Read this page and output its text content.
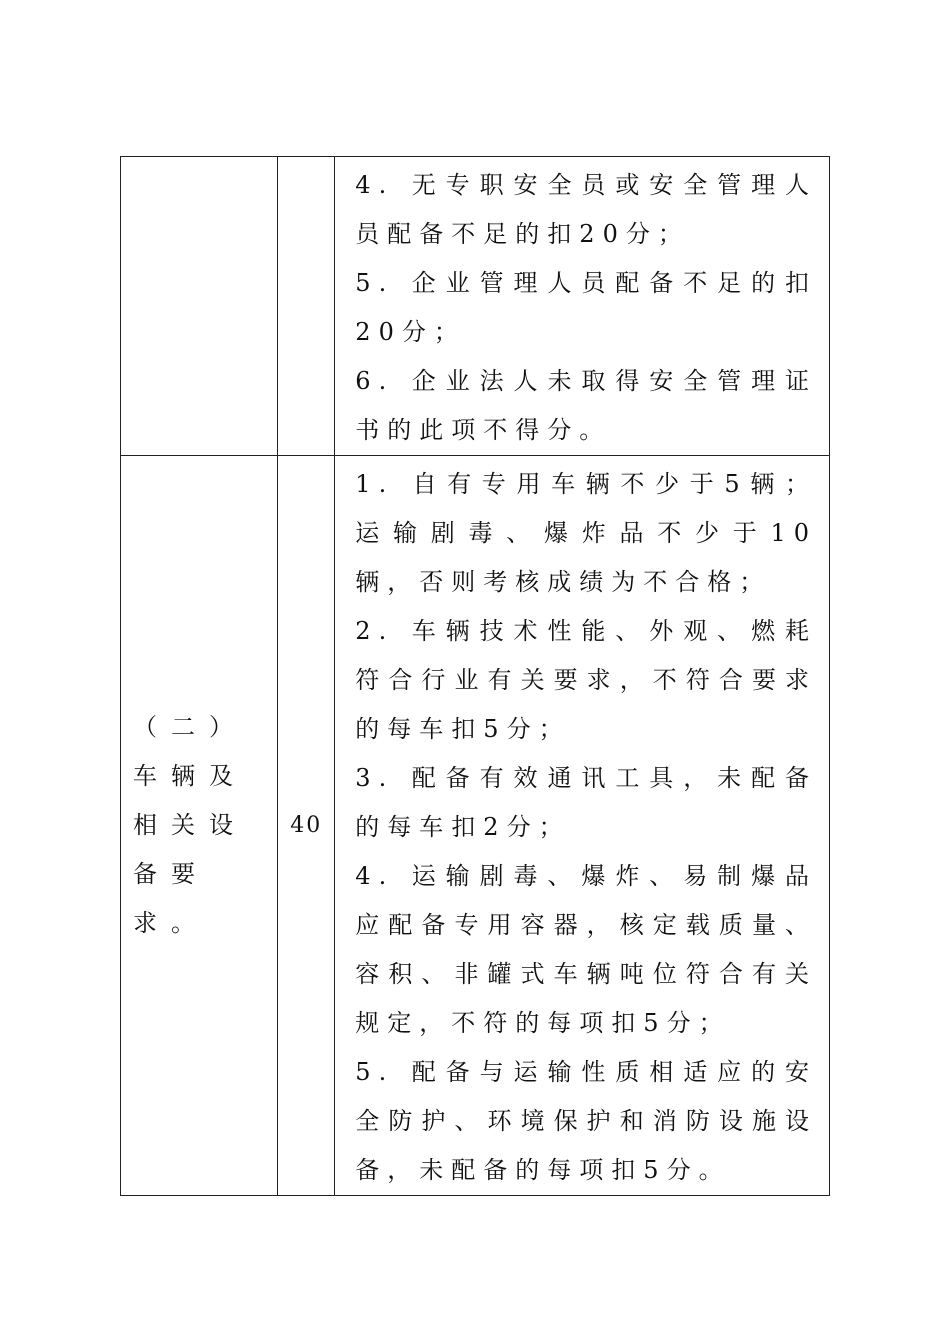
		4. 无专职安全员或安全管理人员配备不足的扣20分；

5. 企业管理人员配备不足的扣20分；

6. 企业法人未取得安全管理证书的此项不得分。

（二）车辆及相关设备要求。	40	1. 自有专用车辆不少于5辆；运输剧毒、爆炸品不少于10辆，否则考核成绩为不合格；

2. 车辆技术性能、外观、燃耗符合行业有关要求，不符合要求的每车扣5分；

3. 配备有效通讯工具，未配备的每车扣2分；

4. 运输剧毒、爆炸、易制爆品应配备专用容器，核定载质量、容积、非罐式车辆吨位符合有关规定，不符的每项扣5分；

5. 配备与运输性质相适应的安全防护、环境保护和消防设施设备，未配备的每项扣5分。
